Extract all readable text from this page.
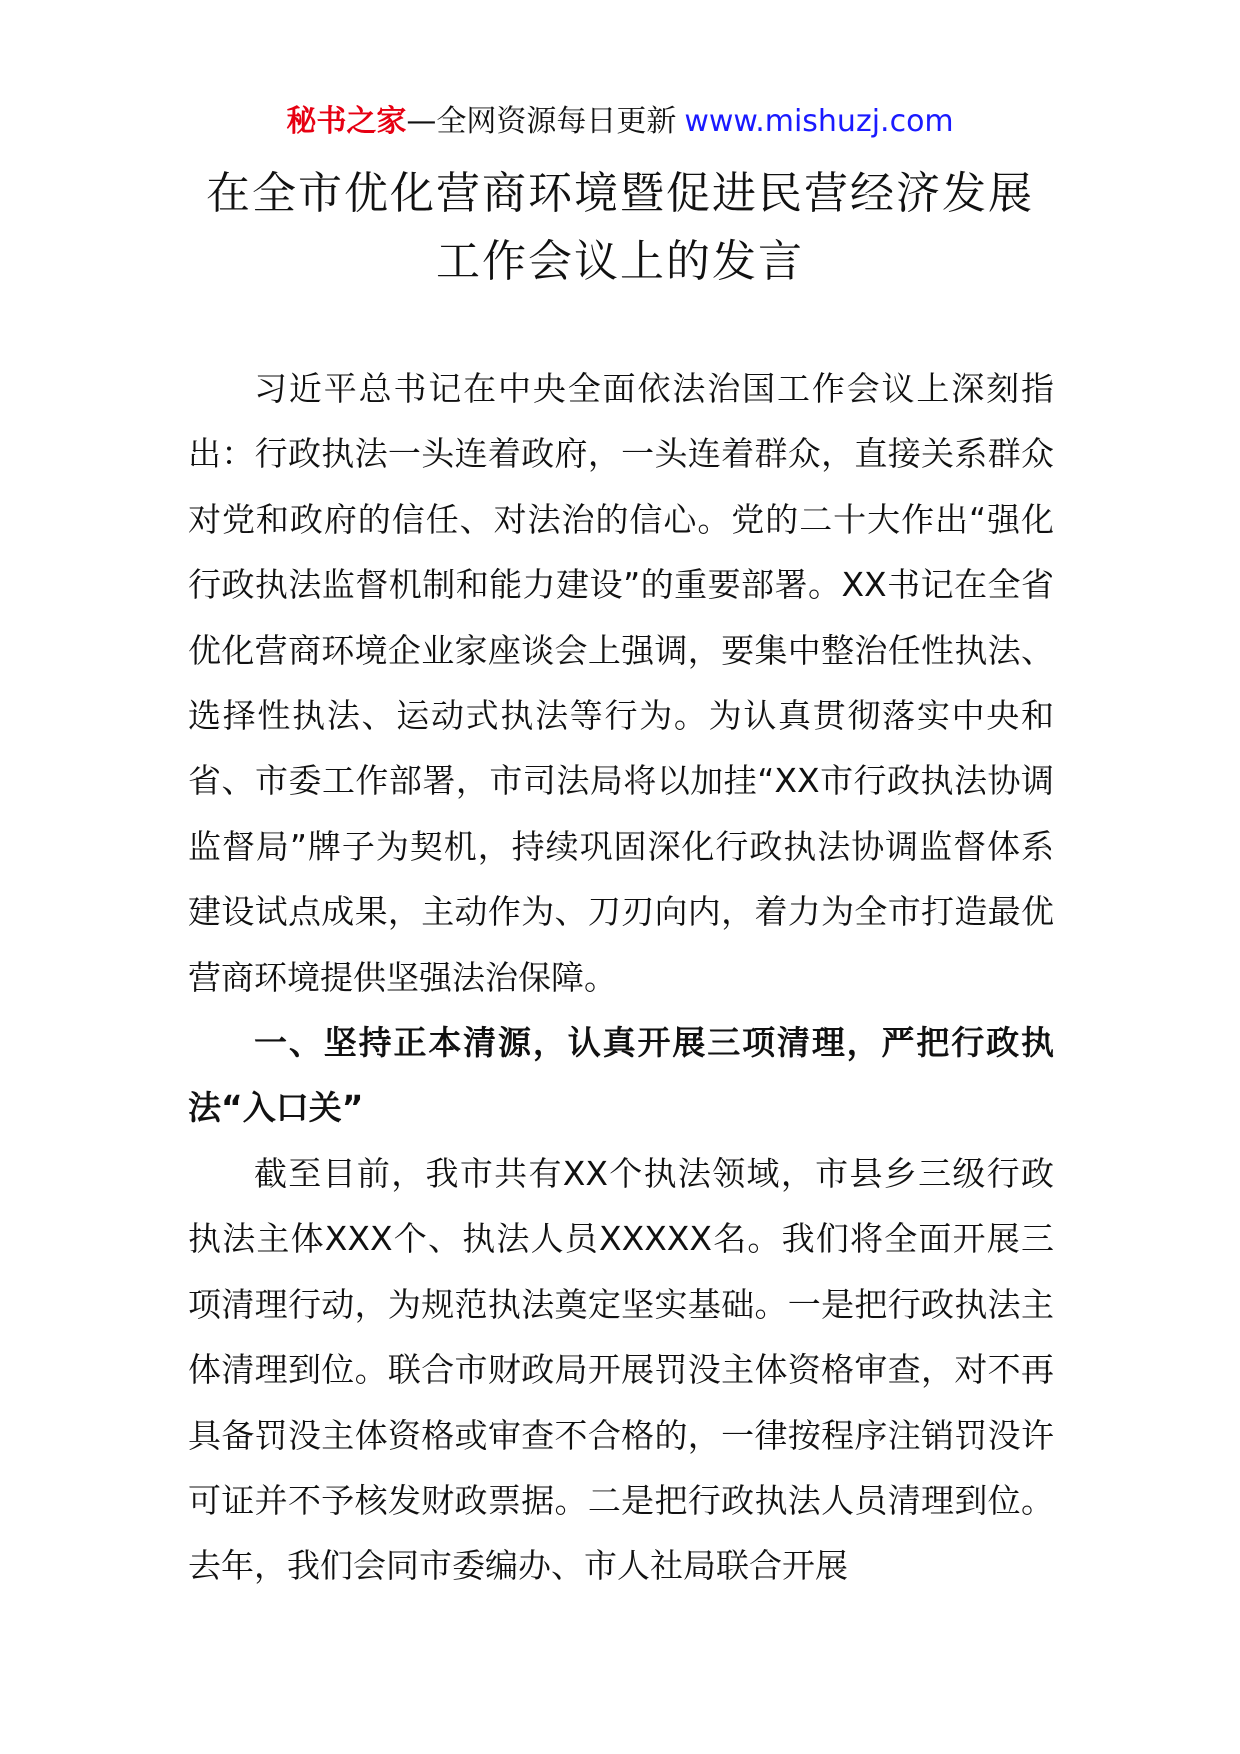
秘书之家—全网资源每日更新 www.mishuzj.com
在全市优化营商环境暨促进民营经济发展
工作会议上的发言

习近平总书记在中央全面依法治国工作会议上深刻指出：行政执法一头连着政府，一头连着群众，直接关系群众对党和政府的信任、对法治的信心。党的二十大作出“强化行政执法监督机制和能力建设”的重要部署。XX书记在全省优化营商环境企业家座谈会上强调，要集中整治任性执法、选择性执法、运动式执法等行为。为认真贯彻落实中央和省、市委工作部署，市司法局将以加挂“XX市行政执法协调监督局”牌子为契机，持续巩固深化行政执法协调监督体系建设试点成果，主动作为、刀刃向内，着力为全市打造最优营商环境提供坚强法治保障。

一、坚持正本清源，认真开展三项清理，严把行政执法“入口关”

截至目前，我市共有XX个执法领域，市县乡三级行政执法主体XXX个、执法人员XXXXX名。我们将全面开展三项清理行动，为规范执法奠定坚实基础。一是把行政执法主体清理到位。联合市财政局开展罚没主体资格审查，对不再具备罚没主体资格或审查不合格的，一律按程序注销罚没许可证并不予核发财政票据。二是把行政执法人员清理到位。去年，我们会同市委编办、市人社局联合开展
